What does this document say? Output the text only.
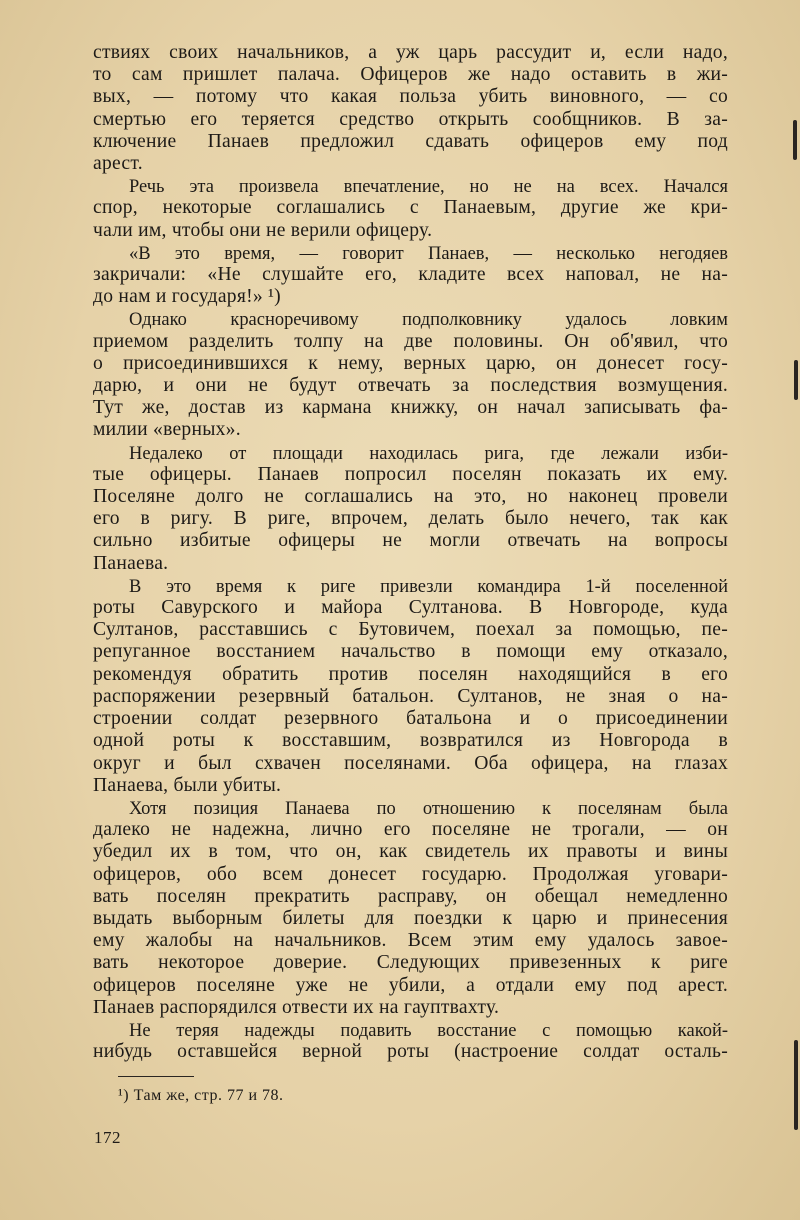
ствиях своих начальников, а уж царь рассудит и, если надо,
то сам пришлет палача. Офицеров же надо оставить в жи-
вых, — потому что какая польза убить виновного, — со
смертью его теряется средство открыть сообщников. В за-
ключение Панаев предложил сдавать офицеров ему под
арест.
Речь эта произвела впечатление, но не на всех. Начался
спор, некоторые соглашались с Панаевым, другие же кри-
чали им, чтобы они не верили офицеру.
«В это время, — говорит Панаев, — несколько негодяев
закричали: «Не слушайте его, кладите всех наповал, не на-
до нам и государя!» ¹)
Однако красноречивому подполковнику удалось ловким
приемом разделить толпу на две половины. Он об'явил, что
о присоединившихся к нему, верных царю, он донесет госу-
дарю, и они не будут отвечать за последствия возмущения.
Тут же, достав из кармана книжку, он начал записывать фа-
милии «верных».
Недалеко от площади находилась рига, где лежали изби-
тые офицеры. Панаев попросил поселян показать их ему.
Поселяне долго не соглашались на это, но наконец провели
его в ригу. В риге, впрочем, делать было нечего, так как
сильно избитые офицеры не могли отвечать на вопросы
Панаева.
В это время к риге привезли командира 1-й поселенной
роты Савурского и майора Султанова. В Новгороде, куда
Султанов, расставшись с Бутовичем, поехал за помощью, пе-
репуганное восстанием начальство в помощи ему отказало,
рекомендуя обратить против поселян находящийся в его
распоряжении резервный батальон. Султанов, не зная о на-
строении солдат резервного батальона и о присоединении
одной роты к восставшим, возвратился из Новгорода в
округ и был схвачен поселянами. Оба офицера, на глазах
Панаева, были убиты.
Хотя позиция Панаева по отношению к поселянам была
далеко не надежна, лично его поселяне не трогали, — он
убедил их в том, что он, как свидетель их правоты и вины
офицеров, обо всем донесет государю. Продолжая уговари-
вать поселян прекратить расправу, он обещал немедленно
выдать выборным билеты для поездки к царю и принесения
ему жалобы на начальников. Всем этим ему удалось завое-
вать некоторое доверие. Следующих привезенных к риге
офицеров поселяне уже не убили, а отдали ему под арест.
Панаев распорядился отвести их на гауптвахту.
Не теряя надежды подавить восстание с помощью какой-
нибудь оставшейся верной роты (настроение солдат осталь-
¹) Там же, стр. 77 и 78.
172
